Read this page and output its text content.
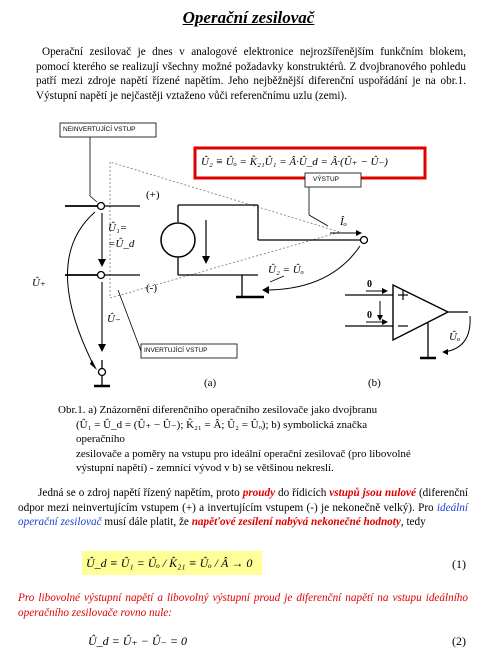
Operační zesilovač
Operační zesilovač je dnes v analogové elektronice nejrozšířenějším funkčním blokem, pomocí kterého se realizují všechny možné požadavky konstruktérů. Z dvojbranového pohledu patří mezi zdroje napětí řízené napětím. Jeho nejběžnější diferenční uspořádání je na obr.1. Výstupní napětí je nejčastěji vztaženo vůči referenčnímu uzlu (zemi).
Û₂ ≡ Ûₒ = K̂₂₁Û₁ = Â·Û_d = Â·(Û₊ − Û₋)
NEINVERTUJÍCÍ VSTUP
INVERTUJÍCÍ VSTUP
VÝSTUP
(+)
(-)
Û₁=
=Û_d
Û₊
Û₋
Îₒ
Û₂ = Ûₒ
Ûₒ
0
0
(a)	(b)
Obr.1. a) Znázornění diferenčního operačního zesilovače jako dvojbranu
(Û₁ = Û_d = (Û₊ − Û₋); K̂₂₁ = Â; Û₂ = Ûₒ); b) symbolická značka operačního
zesilovače a poměry na vstupu pro ideální operační zesilovač (pro libovolné
výstupní napětí) - zemnící vývod v b) se většinou nekreslí.
Jedná se o zdroj napětí řízený napětím, proto proudy do řídicích vstupů jsou nulové (diferenční odpor mezi neinvertujícím vstupem (+) a invertujícím vstupem (-) je nekonečně velký). Pro ideální operační zesilovač musí dále platit, že napěťové zesílení nabývá nekonečné hodnoty, tedy
Û_d ≡ Û₁ = Ûₒ / K̂₂₁ ≡ Ûₒ / Â → 0	(1)
Pro libovolné výstupní napětí a libovolný výstupní proud je diferenční napětí na vstupu ideálního operačního zesilovače rovno nule:
Û_d = Û₊ − Û₋ = 0	(2)
